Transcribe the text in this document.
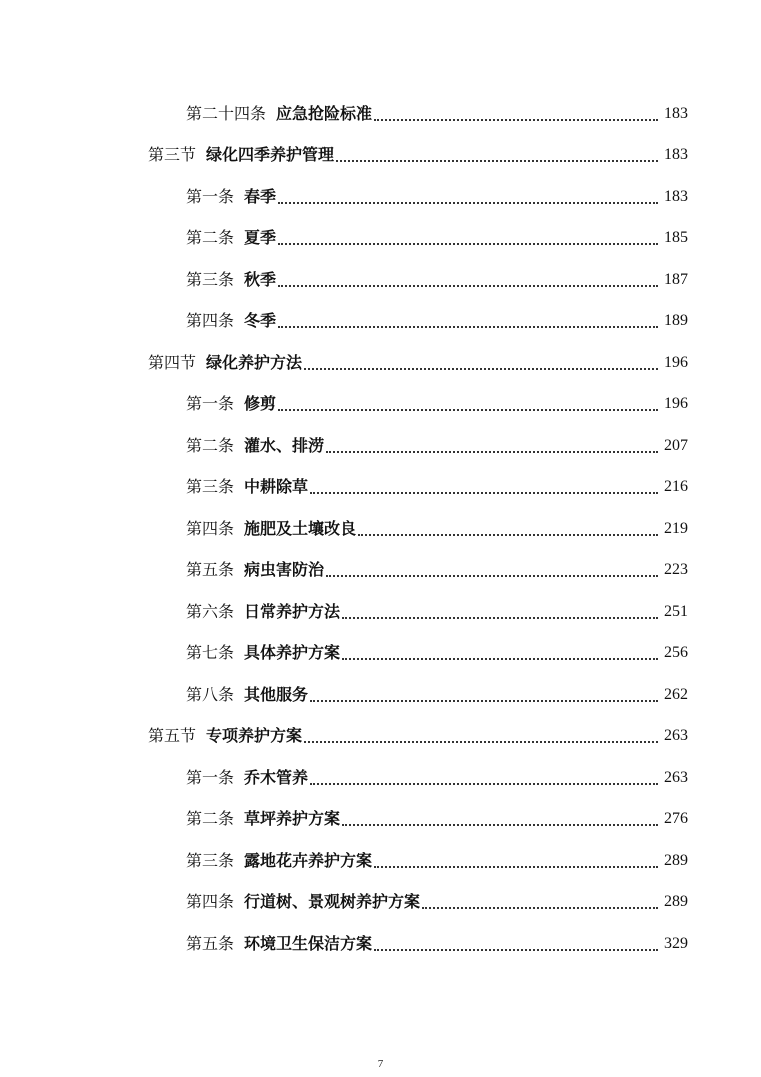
第二十四条 应急抢险标准	183
第三节 绿化四季养护管理	183
第一条 春季	183
第二条 夏季	185
第三条 秋季	187
第四条 冬季	189
第四节 绿化养护方法	196
第一条 修剪	196
第二条 灌水、排涝	207
第三条 中耕除草	216
第四条 施肥及土壤改良	219
第五条 病虫害防治	223
第六条 日常养护方法	251
第七条 具体养护方案	256
第八条 其他服务	262
第五节 专项养护方案	263
第一条 乔木管养	263
第二条 草坪养护方案	276
第三条 露地花卉养护方案	289
第四条 行道树、景观树养护方案	289
第五条 环境卫生保洁方案	329
7
